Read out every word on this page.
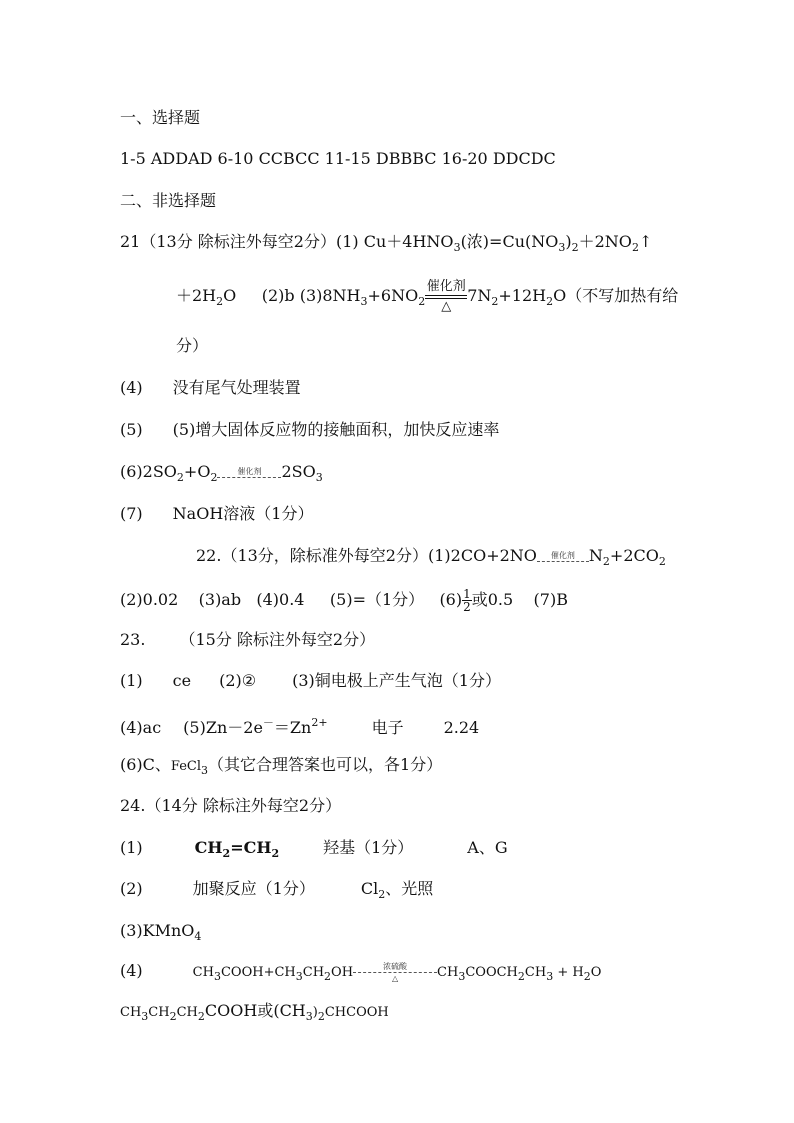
一、选择题
1-5 ADDAD 6-10 CCBCC 11-15 DBBBC 16-20 DDCDC
二、非选择题
21（13分 除标注外每空2分）(1) $Cu+4HNO_3$(浓)$=Cu(NO_3)_2+2NO_2$ ↑
$+2H_2O$ (2)b $(3)8NH_3+6NO_2$
催化剂
△
$7N_2+12H_2O$（不写加热有给
分）
(4) 没有尾气处理装置
(5) (5)增大固体反应物的接触面积，加快反应速率
$(6)2SO_2+O_2$	催化剂 $2SO_3$
(7) NaOH溶液（1分）
22.（13分，除标准外每空2分）(1)2CO+2NO 催化剂 $N_2+2CO_2$
(2)0.02 (3)ab (4)0.4 (5)=（1分） $(6) \frac{1}{2}$ 或0.5 (7)B
23. （15分 除标注外每空2分）
(1) ce (2)② (3)铜电极上产生气泡（1分）
(4)ac $(5)Zn-2e^-=Zn^{2+}$	电子	2.24
(6)C、FeCl$_3$（其它合理答案也可以，各1分）
24.（14分 除标注外每空2分）
(1)	$CH_2=CH_2$	羟基（1分）	A、G
(2)	加聚反应（1分）	$Cl_2$、光照
(3)KMnO$_4$
(4)	$CH_3COOH+CH_3CH_2OH$	浓硫酸
△	$CH_3COOCH_2CH_3 + H_2O$
$CH_3CH_2CH_2COOH$或$(CH_3)_2CHCOOH$
